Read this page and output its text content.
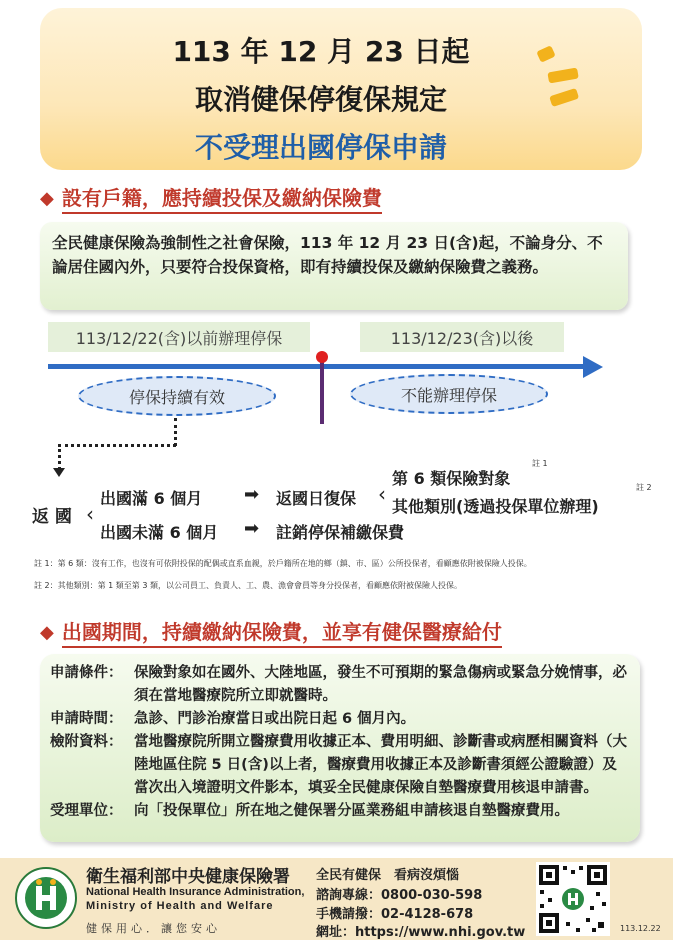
113 年 12 月 23 日起
取消健保停復保規定
不受理出國停保申請
◆ 設有戶籍，應持續投保及繳納保險費
全民健康保險為強制性之社會保險，113 年 12 月 23 日(含)起，不論身分、不論居住國內外，只要符合投保資格，即有持續投保及繳納保險費之義務。
113/12/22(含)以前辦理停保	113/12/23(含)以後
停保持續有效	不能辦理停保
返 國 ‹
出國滿 6 個月
出國未滿 6 個月
➡
➡
返國日復保
註銷停保補繳保費
‹
第 6 類保險對象
其他類別(透過投保單位辦理)
註 1
註 2
註 1：第 6 類：沒有工作，也沒有可依附投保的配偶或直系血親，於戶籍所在地的鄉（鎮、市、區）公所投保者，看顧應依附被保險人投保。
註 2：其他類別：第 1 類至第 3 類，以公司員工、負責人、工、農、漁會會員等身分投保者，看顧應依附被保險人投保。
◆ 出國期間，持續繳納保險費，並享有健保醫療給付
申請條件： 保險對象如在國外、大陸地區，發生不可預期的緊急傷病或緊急分娩情事，必須在當地醫療院所立即就醫時。
申請時間： 急診、門診治療當日或出院日起 6 個月內。
檢附資料： 當地醫療院所開立醫療費用收據正本、費用明細、診斷書或病歷相關資料（大陸地區住院 5 日(含)以上者，醫療費用收據正本及診斷書須經公證驗證）及當次出入境證明文件影本，填妥全民健康保險自墊醫療費用核退申請書。
受理單位： 向「投保單位」所在地之健保署分區業務組申請核退自墊醫療費用。
衛生福利部中央健康保險署
National Health Insurance Administration,
Ministry of Health and Welfare
健保用心．讓您安心
全民有健保　看病沒煩惱
諮詢專線：0800-030-598
手機請撥：02-4128-678
網址：https://www.nhi.gov.tw	113.12.22
